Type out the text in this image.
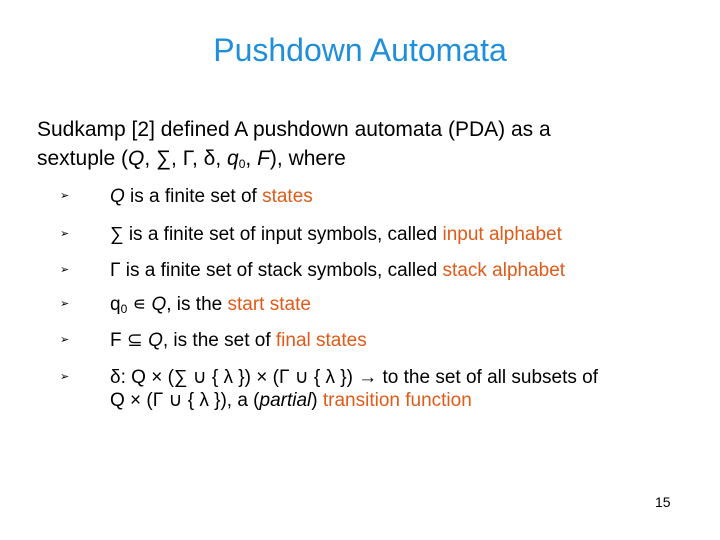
Pushdown Automata
Sudkamp [2] defined A pushdown automata (PDA) as a
sextuple (Q, ∑, Γ, δ, $q_0$, F), where
➢ Q is a finite set of states
➢ ∑ is a finite set of input symbols, called input alphabet
➢ Γ is a finite set of stack symbols, called stack alphabet
➢ $q_0$ ∊ Q, is the start state
➢ F ⊆ Q, is the set of final states
➢ δ: Q × (∑ ∪ { λ }) × (Γ ∪ { λ }) → to the set of all subsets of
Q × (Γ ∪ { λ }), a (partial) transition function
15
